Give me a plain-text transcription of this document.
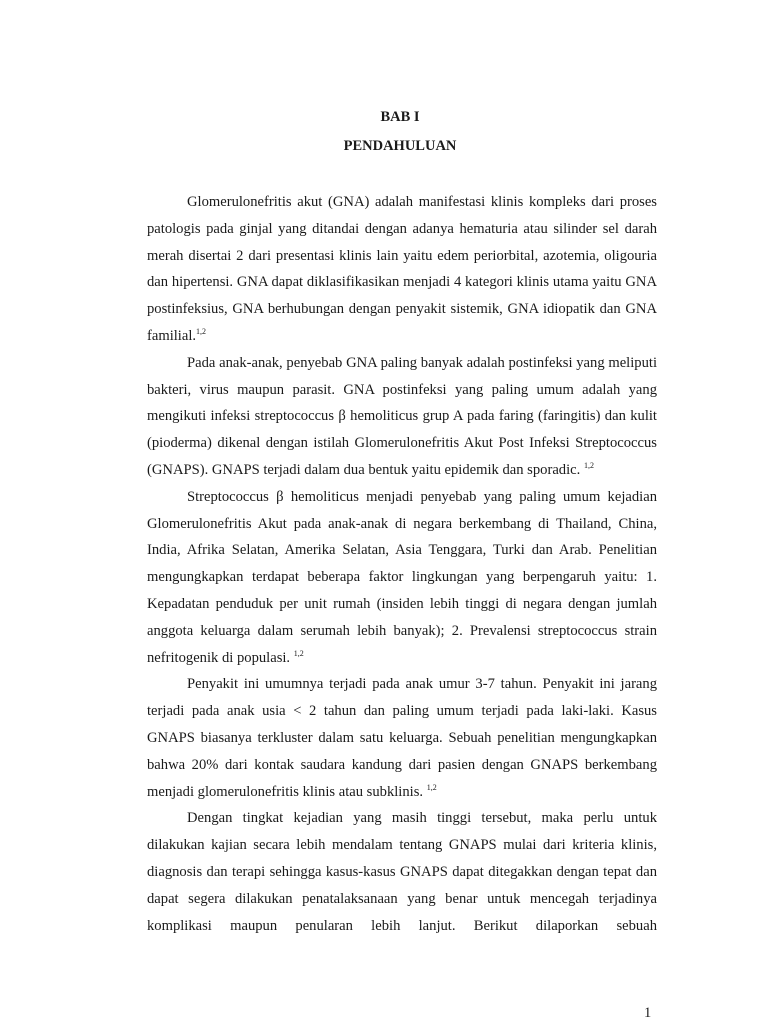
BAB I
PENDAHULUAN

Glomerulonefritis akut (GNA) adalah manifestasi klinis kompleks dari proses patologis pada ginjal yang ditandai dengan adanya hematuria atau silinder sel darah merah disertai 2 dari presentasi klinis lain yaitu edem periorbital, azotemia, oligouria dan hipertensi. GNA dapat diklasifikasikan menjadi 4 kategori klinis utama yaitu GNA postinfeksius, GNA berhubungan dengan penyakit sistemik, GNA idiopatik dan GNA familial.$^{1,2}$

Pada anak-anak, penyebab GNA paling banyak adalah postinfeksi yang meliputi bakteri, virus maupun parasit. GNA postinfeksi yang paling umum adalah yang mengikuti infeksi streptococcus β hemoliticus grup A pada faring (faringitis) dan kulit (pioderma) dikenal dengan istilah Glomerulonefritis Akut Post Infeksi Streptococcus (GNAPS). GNAPS terjadi dalam dua bentuk yaitu epidemik dan sporadic. $^{1,2}$

Streptococcus β hemoliticus menjadi penyebab yang paling umum kejadian Glomerulonefritis Akut pada anak-anak di negara berkembang di Thailand, China, India, Afrika Selatan, Amerika Selatan, Asia Tenggara, Turki dan Arab. Penelitian mengungkapkan terdapat beberapa faktor lingkungan yang berpengaruh yaitu: 1. Kepadatan penduduk per unit rumah (insiden lebih tinggi di negara dengan jumlah anggota keluarga dalam serumah lebih banyak); 2. Prevalensi streptococcus strain nefritogenik di populasi. $^{1,2}$

Penyakit ini umumnya terjadi pada anak umur 3-7 tahun. Penyakit ini jarang terjadi pada anak usia < 2 tahun dan paling umum terjadi pada laki-laki. Kasus GNAPS biasanya terkluster dalam satu keluarga. Sebuah penelitian mengungkapkan bahwa 20% dari kontak saudara kandung dari pasien dengan GNAPS berkembang menjadi glomerulonefritis klinis atau subklinis. $^{1,2}$

Dengan tingkat kejadian yang masih tinggi tersebut, maka perlu untuk dilakukan kajian secara lebih mendalam tentang GNAPS mulai dari kriteria klinis, diagnosis dan terapi sehingga kasus-kasus GNAPS dapat ditegakkan dengan tepat dan dapat segera dilakukan penatalaksanaan yang benar untuk mencegah terjadinya komplikasi maupun penularan lebih lanjut. Berikut dilaporkan sebuah

1
